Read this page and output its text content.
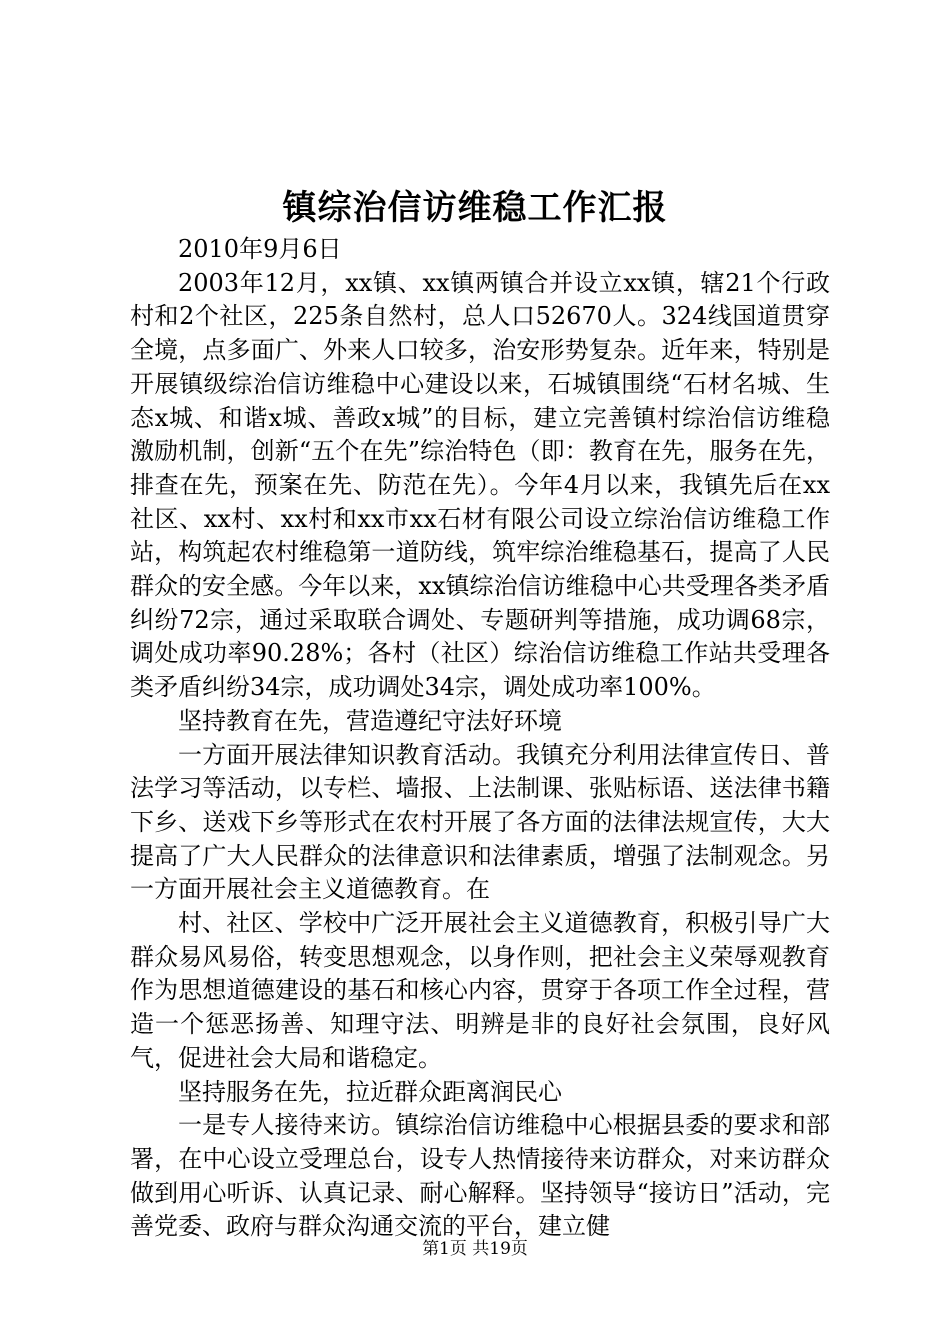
镇综治信访维稳工作汇报

2010年9月6日

2003年12月，xx镇、xx镇两镇合并设立xx镇，辖21个行政村和2个社区，225条自然村，总人口52670人。324线国道贯穿全境，点多面广、外来人口较多，治安形势复杂。近年来，特别是开展镇级综治信访维稳中心建设以来，石城镇围绕“石材名城、生态x城、和谐x城、善政x城”的目标，建立完善镇村综治信访维稳激励机制，创新“五个在先”综治特色（即：教育在先，服务在先，排查在先，预案在先、防范在先）。今年4月以来，我镇先后在xx社区、xx村、xx村和xx市xx石材有限公司设立综治信访维稳工作站，构筑起农村维稳第一道防线，筑牢综治维稳基石，提高了人民群众的安全感。今年以来，xx镇综治信访维稳中心共受理各类矛盾纠纷72宗，通过采取联合调处、专题研判等措施，成功调68宗，调处成功率90.28%；各村（社区）综治信访维稳工作站共受理各类矛盾纠纷34宗，成功调处34宗，调处成功率100%。

坚持教育在先，营造遵纪守法好环境

一方面开展法律知识教育活动。我镇充分利用法律宣传日、普法学习等活动，以专栏、墙报、上法制课、张贴标语、送法律书籍下乡、送戏下乡等形式在农村开展了各方面的法律法规宣传，大大提高了广大人民群众的法律意识和法律素质，增强了法制观念。另一方面开展社会主义道德教育。在

村、社区、学校中广泛开展社会主义道德教育，积极引导广大群众易风易俗，转变思想观念，以身作则，把社会主义荣辱观教育作为思想道德建设的基石和核心内容，贯穿于各项工作全过程，营造一个惩恶扬善、知理守法、明辨是非的良好社会氛围，良好风气，促进社会大局和谐稳定。

坚持服务在先，拉近群众距离润民心

一是专人接待来访。镇综治信访维稳中心根据县委的要求和部署，在中心设立受理总台，设专人热情接待来访群众，对来访群众做到用心听诉、认真记录、耐心解释。坚持领导“接访日”活动，完善党委、政府与群众沟通交流的平台，建立健

第1页 共19页
